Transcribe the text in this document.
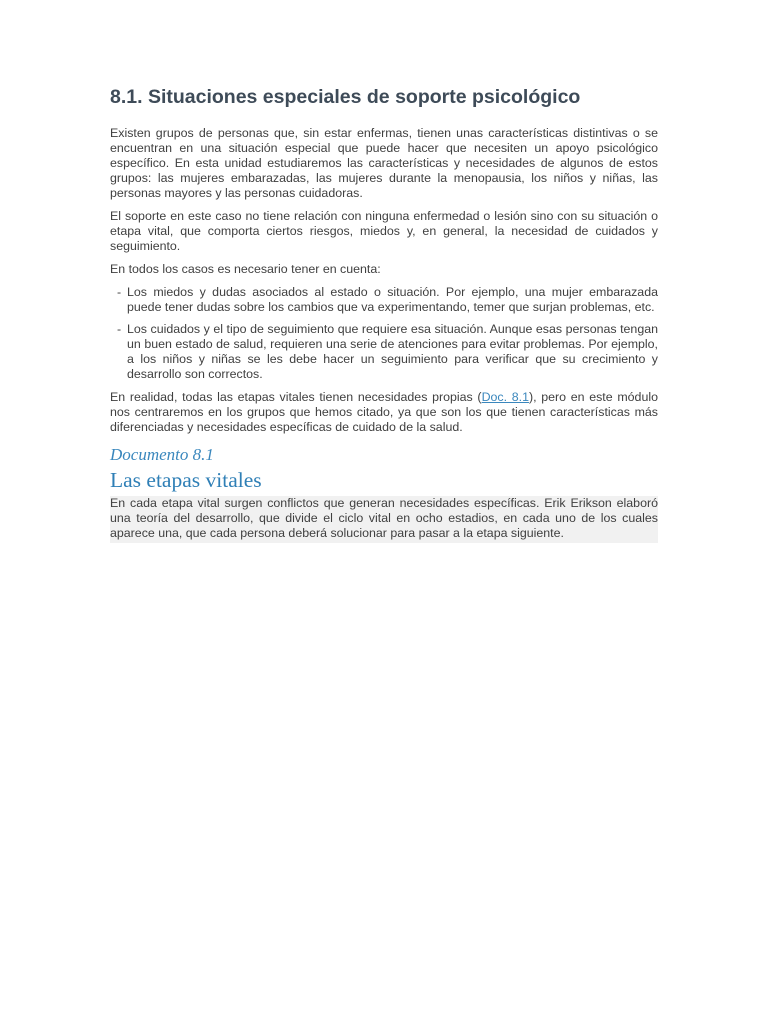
8.1. Situaciones especiales de soporte psicológico

Existen grupos de personas que, sin estar enfermas, tienen unas características distintivas o se encuentran en una situación especial que puede hacer que necesiten un apoyo psicológico específico. En esta unidad estudiaremos las características y necesidades de algunos de estos grupos: las mujeres embarazadas, las mujeres durante la menopausia, los niños y niñas, las personas mayores y las personas cuidadoras.

El soporte en este caso no tiene relación con ninguna enfermedad o lesión sino con su situación o etapa vital, que comporta ciertos riesgos, miedos y, en general, la necesidad de cuidados y seguimiento.

En todos los casos es necesario tener en cuenta:

- Los miedos y dudas asociados al estado o situación. Por ejemplo, una mujer embarazada puede tener dudas sobre los cambios que va experimentando, temer que surjan problemas, etc.
- Los cuidados y el tipo de seguimiento que requiere esa situación. Aunque esas personas tengan un buen estado de salud, requieren una serie de atenciones para evitar problemas. Por ejemplo, a los niños y niñas se les debe hacer un seguimiento para verificar que su crecimiento y desarrollo son correctos.

En realidad, todas las etapas vitales tienen necesidades propias (Doc. 8.1), pero en este módulo nos centraremos en los grupos que hemos citado, ya que son los que tienen características más diferenciadas y necesidades específicas de cuidado de la salud.

Documento 8.1
Las etapas vitales
En cada etapa vital surgen conflictos que generan necesidades específicas. Erik Erikson elaboró una teoría del desarrollo, que divide el ciclo vital en ocho estadios, en cada uno de los cuales aparece una, que cada persona deberá solucionar para pasar a la etapa siguiente.
